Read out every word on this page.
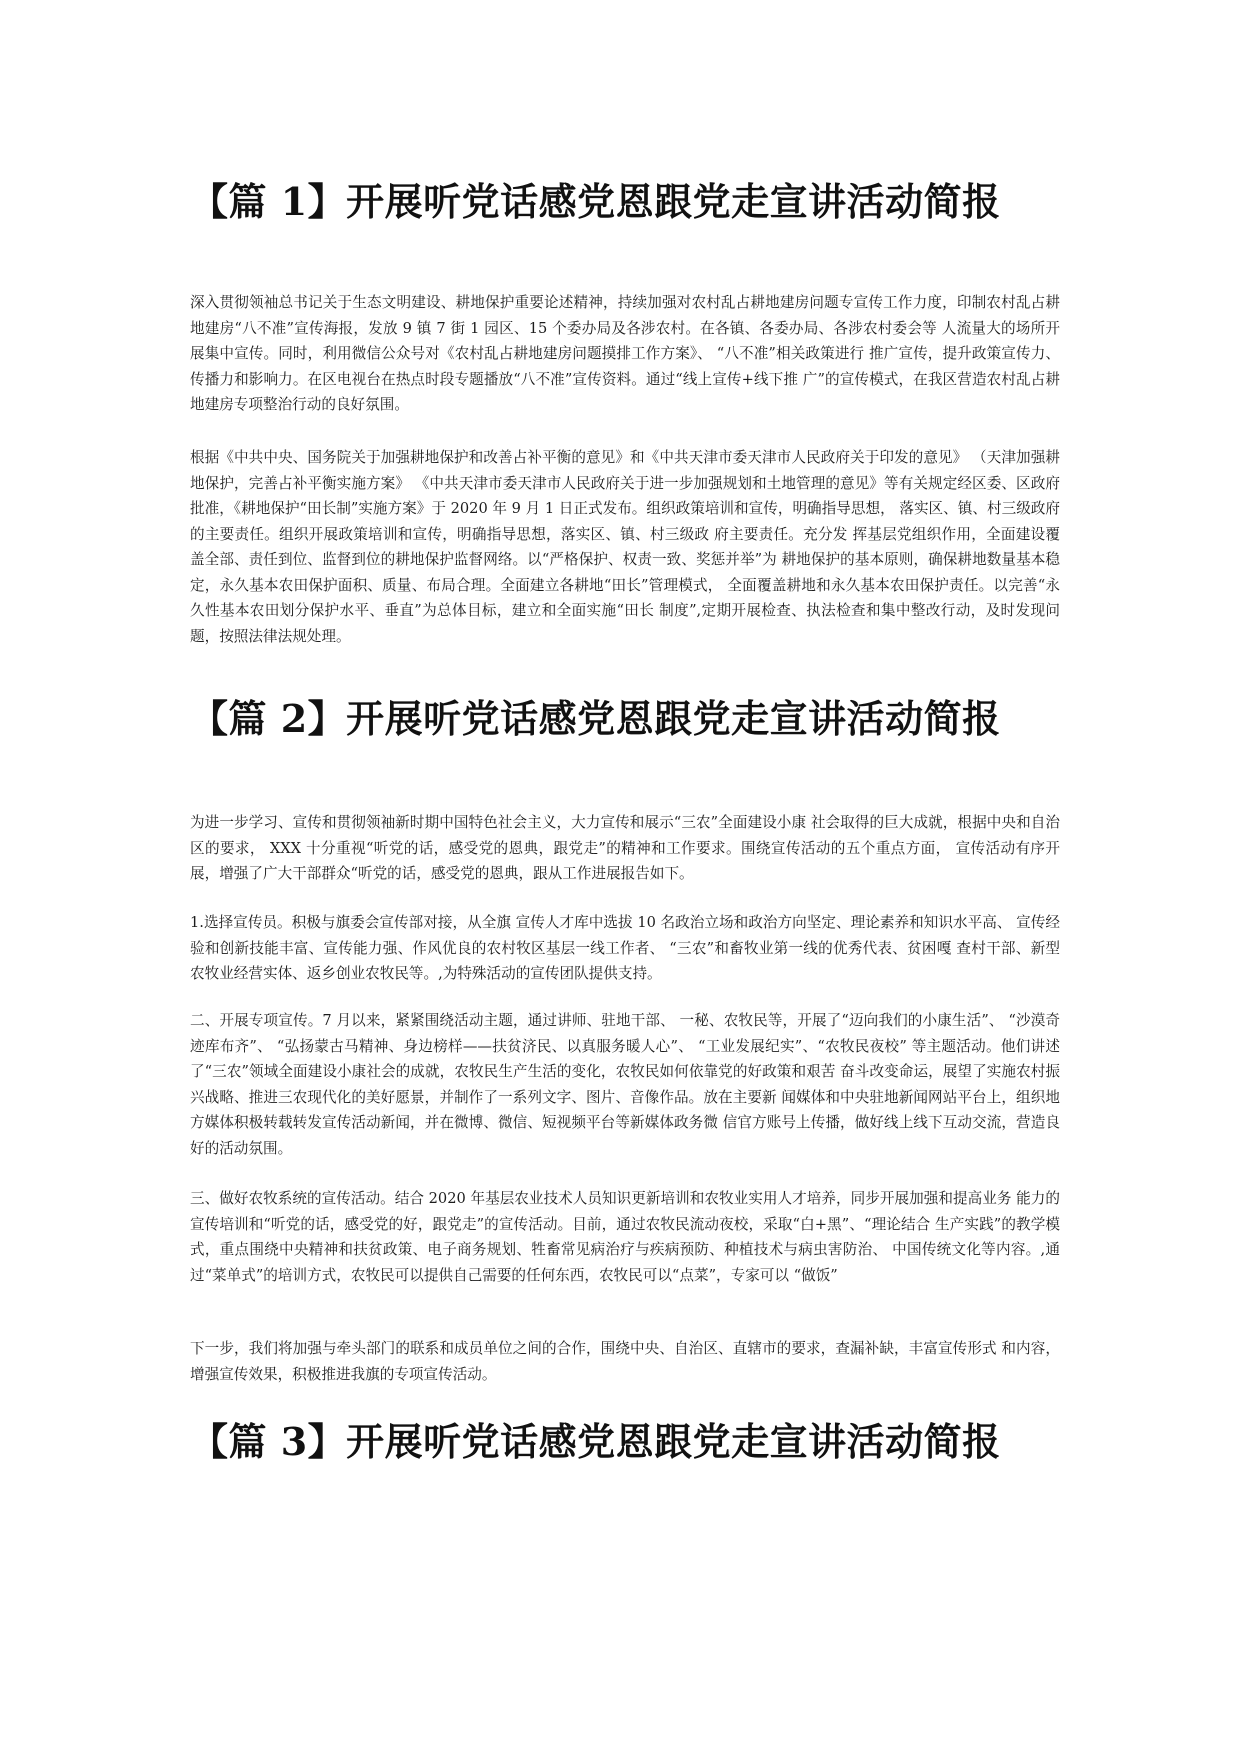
【篇 1】开展听党话感党恩跟党走宣讲活动简报

深入贯彻领袖总书记关于生态文明建设、耕地保护重要论述精神，持续加强对农村乱占耕地建房问题专宣传工作力度，印制农村乱占耕地建房“八不准”宣传海报，发放 9 镇 7 街 1 园区、15 个委办局及各涉农村。在各镇、各委办局、各涉农村委会等 人流量大的场所开展集中宣传。同时，利用微信公众号对《农村乱占耕地建房问题摸排工作方案》、 “八不准”相关政策进行 推广宣传，提升政策宣传力、传播力和影响力。在区电视台在热点时段专题播放“八不准”宣传资料。通过“线上宣传+线下推 广”的宣传模式，在我区营造农村乱占耕地建房专项整治行动的良好氛围。

根据《中共中央、国务院关于加强耕地保护和改善占补平衡的意见》和《中共天津市委天津市人民政府关于印发的意见》 （天津加强耕地保护，完善占补平衡实施方案》 《中共天津市委天津市人民政府关于进一步加强规划和土地管理的意见》等有关规定经区委、区政府批准，《耕地保护“田长制”实施方案》于 2020 年 9 月 1 日正式发布。组织政策培训和宣传，明确指导思想， 落实区、镇、村三级政府的主要责任。组织开展政策培训和宣传，明确指导思想，落实区、镇、村三级政 府主要责任。充分发 挥基层党组织作用，全面建设覆盖全部、责任到位、监督到位的耕地保护监督网络。以“严格保护、权责一致、奖惩并举”为 耕地保护的基本原则，确保耕地数量基本稳定，永久基本农田保护面积、质量、布局合理。全面建立各耕地“田长”管理模式， 全面覆盖耕地和永久基本农田保护责任。以完善“永久性基本农田划分保护水平、垂直”为总体目标，建立和全面实施“田长 制度”,定期开展检查、执法检查和集中整改行动，及时发现问题，按照法律法规处理。

【篇 2】开展听党话感党恩跟党走宣讲活动简报

为进一步学习、宣传和贯彻领袖新时期中国特色社会主义，大力宣传和展示“三农”全面建设小康 社会取得的巨大成就，根据中央和自治区的要求， XXX 十分重视“听党的话，感受党的恩典，跟党走”的精神和工作要求。围绕宣传活动的五个重点方面， 宣传活动有序开展，增强了广大干部群众“听党的话，感受党的恩典，跟从工作进展报告如下。

1.选择宣传员。积极与旗委会宣传部对接，从全旗 宣传人才库中选拔 10 名政治立场和政治方向坚定、理论素养和知识水平高、 宣传经验和创新技能丰富、宣传能力强、作风优良的农村牧区基层一线工作者、 “三农”和畜牧业第一线的优秀代表、贫困嘎 查村干部、新型农牧业经营实体、返乡创业农牧民等。,为特殊活动的宣传团队提供支持。

二、开展专项宣传。7 月以来，紧紧围绕活动主题，通过讲师、驻地干部、 一秘、农牧民等，开展了“迈向我们的小康生活”、 “沙漠奇迹库布齐”、 “弘扬蒙古马精神、身边榜样——扶贫济民、以真服务暖人心”、 “工业发展纪实”、“农牧民夜校” 等主题活动。他们讲述了“三农”领域全面建设小康社会的成就，农牧民生产生活的变化，农牧民如何依靠党的好政策和艰苦 奋斗改变命运，展望了实施农村振兴战略、推进三农现代化的美好愿景，并制作了一系列文字、图片、音像作品。放在主要新 闻媒体和中央驻地新闻网站平台上，组织地方媒体积极转载转发宣传活动新闻，并在微博、微信、短视频平台等新媒体政务微 信官方账号上传播，做好线上线下互动交流，营造良好的活动氛围。

三、做好农牧系统的宣传活动。结合 2020 年基层农业技术人员知识更新培训和农牧业实用人才培养，同步开展加强和提高业务 能力的宣传培训和“听党的话，感受党的好，跟党走”的宣传活动。目前，通过农牧民流动夜校，采取“白+黑”、“理论结合 生产实践”的教学模式，重点围绕中央精神和扶贫政策、电子商务规划、牲畜常见病治疗与疾病预防、种植技术与病虫害防治、 中国传统文化等内容。,通过“菜单式”的培训方式，农牧民可以提供自己需要的任何东西，农牧民可以“点菜”，专家可以 “做饭”

下一步，我们将加强与牵头部门的联系和成员单位之间的合作，围绕中央、自治区、直辖市的要求，查漏补缺，丰富宣传形式 和内容，增强宣传效果，积极推进我旗的专项宣传活动。

【篇 3】开展听党话感党恩跟党走宣讲活动简报
